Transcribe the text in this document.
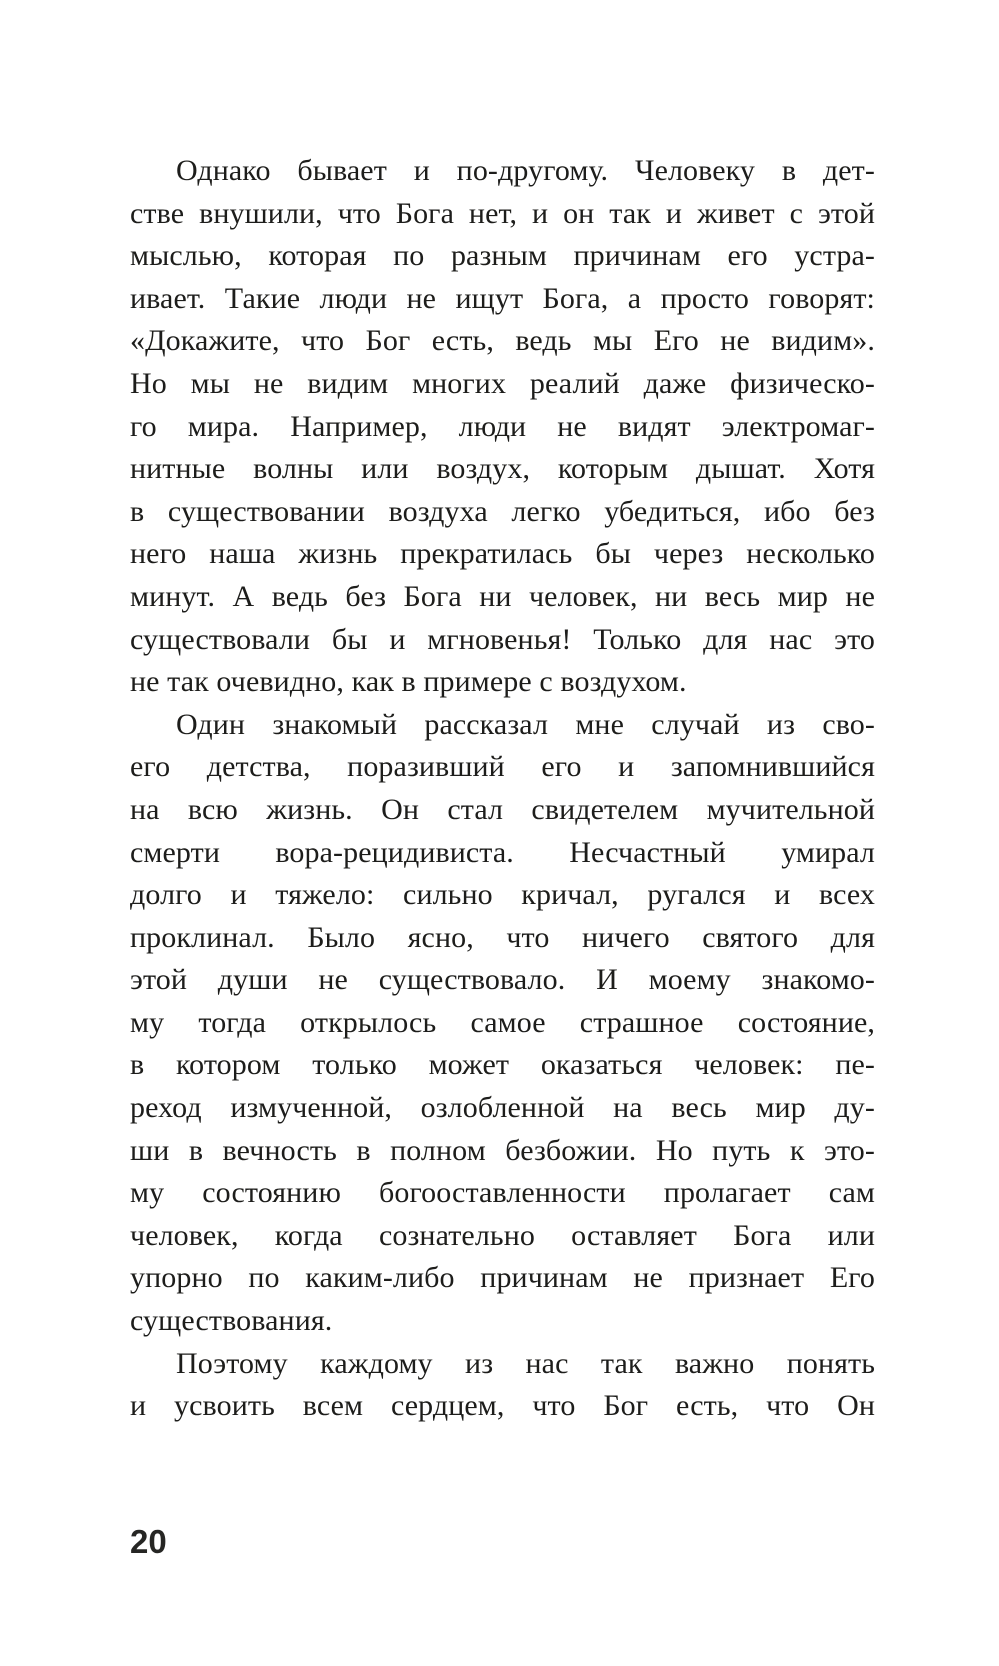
Однако бывает и по-другому. Человеку в дет-
стве внушили, что Бога нет, и он так и живет с этой
мыслью, которая по разным причинам его устра-
ивает. Такие люди не ищут Бога, а просто говорят:
«Докажите, что Бог есть, ведь мы Его не видим».
Но мы не видим многих реалий даже физическо-
го мира. Например, люди не видят электромаг-
нитные волны или воздух, которым дышат. Хотя
в существовании воздуха легко убедиться, ибо без
него наша жизнь прекратилась бы через несколько
минут. А ведь без Бога ни человек, ни весь мир не
существовали бы и мгновенья! Только для нас это
не так очевидно, как в примере с воздухом.
Один знакомый рассказал мне случай из сво-
его детства, поразивший его и запомнившийся
на всю жизнь. Он стал свидетелем мучительной
смерти вора-рецидивиста. Несчастный умирал
долго и тяжело: сильно кричал, ругался и всех
проклинал. Было ясно, что ничего святого для
этой души не существовало. И моему знакомо-
му тогда открылось самое страшное состояние,
в котором только может оказаться человек: пе-
реход измученной, озлобленной на весь мир ду-
ши в вечность в полном безбожии. Но путь к это-
му состоянию богооставленности пролагает сам
человек, когда сознательно оставляет Бога или
упорно по каким-либо причинам не признает Его
существования.
Поэтому каждому из нас так важно понять
и усвоить всем сердцем, что Бог есть, что Он
20
